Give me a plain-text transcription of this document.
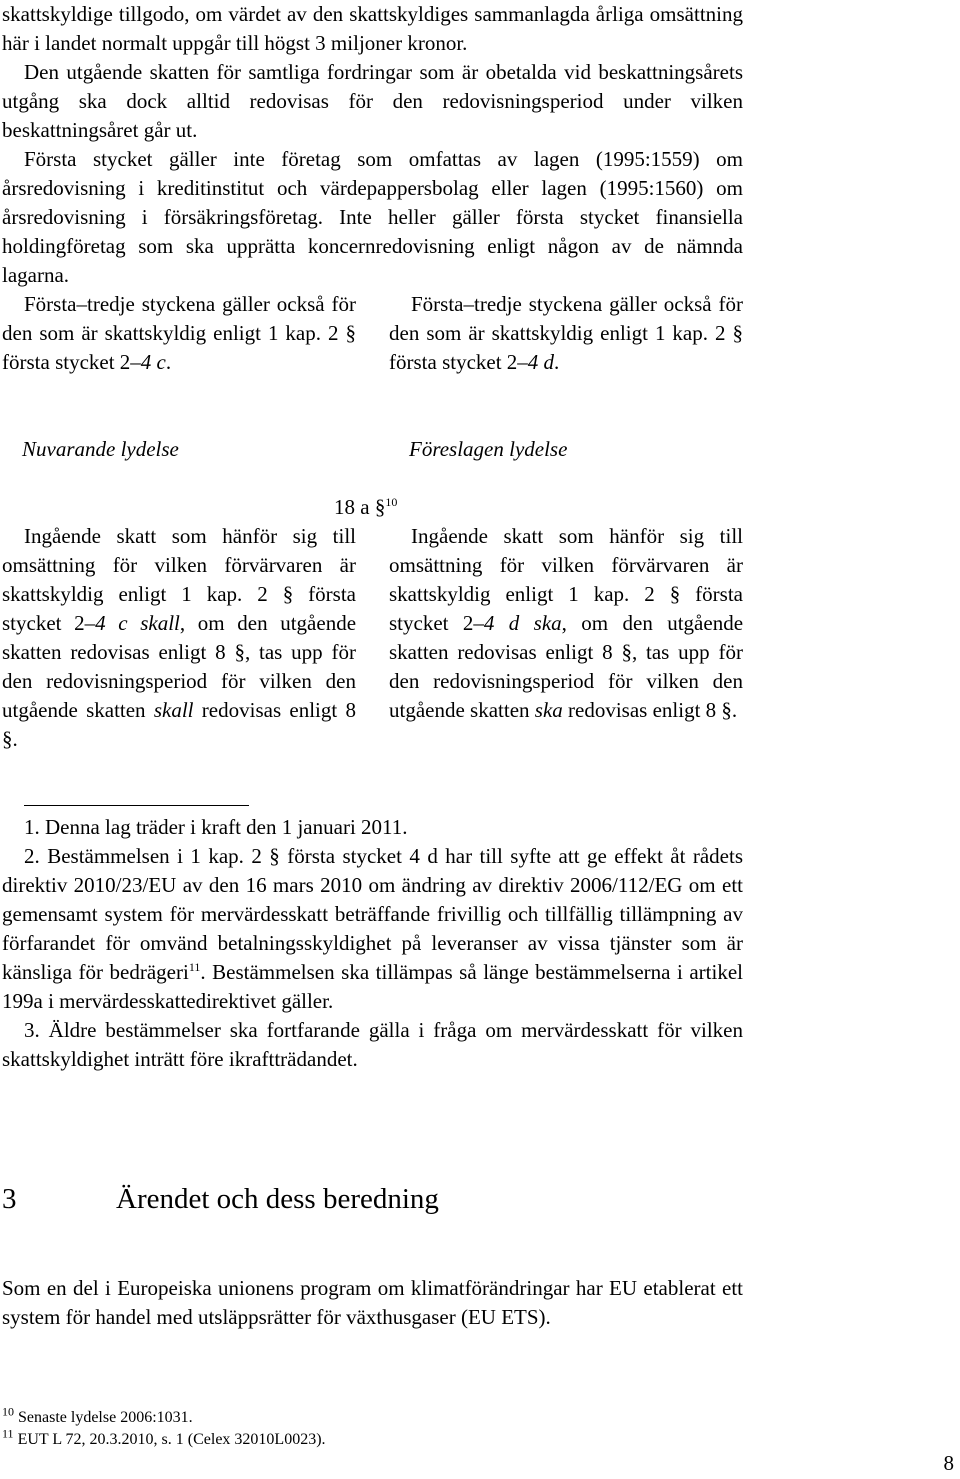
skattskyldige tillgodo, om värdet av den skattskyldiges sammanlagda årliga omsättning här i landet normalt uppgår till högst 3 miljoner kronor.

Den utgående skatten för samtliga fordringar som är obetalda vid beskattningsårets utgång ska dock alltid redovisas för den redovisningsperiod under vilken beskattningsåret går ut.

Första stycket gäller inte företag som omfattas av lagen (1995:1559) om årsredovisning i kreditinstitut och värdepappersbolag eller lagen (1995:1560) om årsredovisning i försäkringsföretag. Inte heller gäller första stycket finansiella holdingföretag som ska upprätta koncernredovisning enligt någon av de nämnda lagarna.

Första–tredje styckena gäller också för den som är skattskyldig enligt 1 kap. 2 § första stycket 2–4 c.
Första–tredje styckena gäller också för den som är skattskyldig enligt 1 kap. 2 § första stycket 2–4 d.
Nuvarande lydelse	Föreslagen lydelse
18 a §$^{10}$
Ingående skatt som hänför sig till omsättning för vilken förvärvaren är skattskyldig enligt 1 kap. 2 § första stycket 2–4 c skall, om den utgående skatten redovisas enligt 8 §, tas upp för den redovisningsperiod för vilken den utgående skatten skall redovisas enligt 8 §.
Ingående skatt som hänför sig till omsättning för vilken förvärvaren är skattskyldig enligt 1 kap. 2 § första stycket 2–4 d ska, om den utgående skatten redovisas enligt 8 §, tas upp för den redovisningsperiod för vilken den utgående skatten ska redovisas enligt 8 §.

1. Denna lag träder i kraft den 1 januari 2011.

2. Bestämmelsen i 1 kap. 2 § första stycket 4 d har till syfte att ge effekt åt rådets direktiv 2010/23/EU av den 16 mars 2010 om ändring av direktiv 2006/112/EG om ett gemensamt system för mervärdesskatt beträffande frivillig och tillfällig tillämpning av förfarandet för omvänd betalningsskyldighet på leveranser av vissa tjänster som är känsliga för bedrägeri$^{11}$. Bestämmelsen ska tillämpas så länge bestämmelserna i artikel 199a i mervärdesskattedirektivet gäller.

3. Äldre bestämmelser ska fortfarande gälla i fråga om mervärdesskatt för vilken skattskyldighet inträtt före ikraftträdandet.

3	Ärendet och dess beredning
Som en del i Europeiska unionens program om klimatförändringar har EU etablerat ett system för handel med utsläppsrätter för växthusgaser (EU ETS).
$^{10}$ Senaste lydelse 2006:1031.
$^{11}$ EUT L 72, 20.3.2010, s. 1 (Celex 32010L0023).
8
